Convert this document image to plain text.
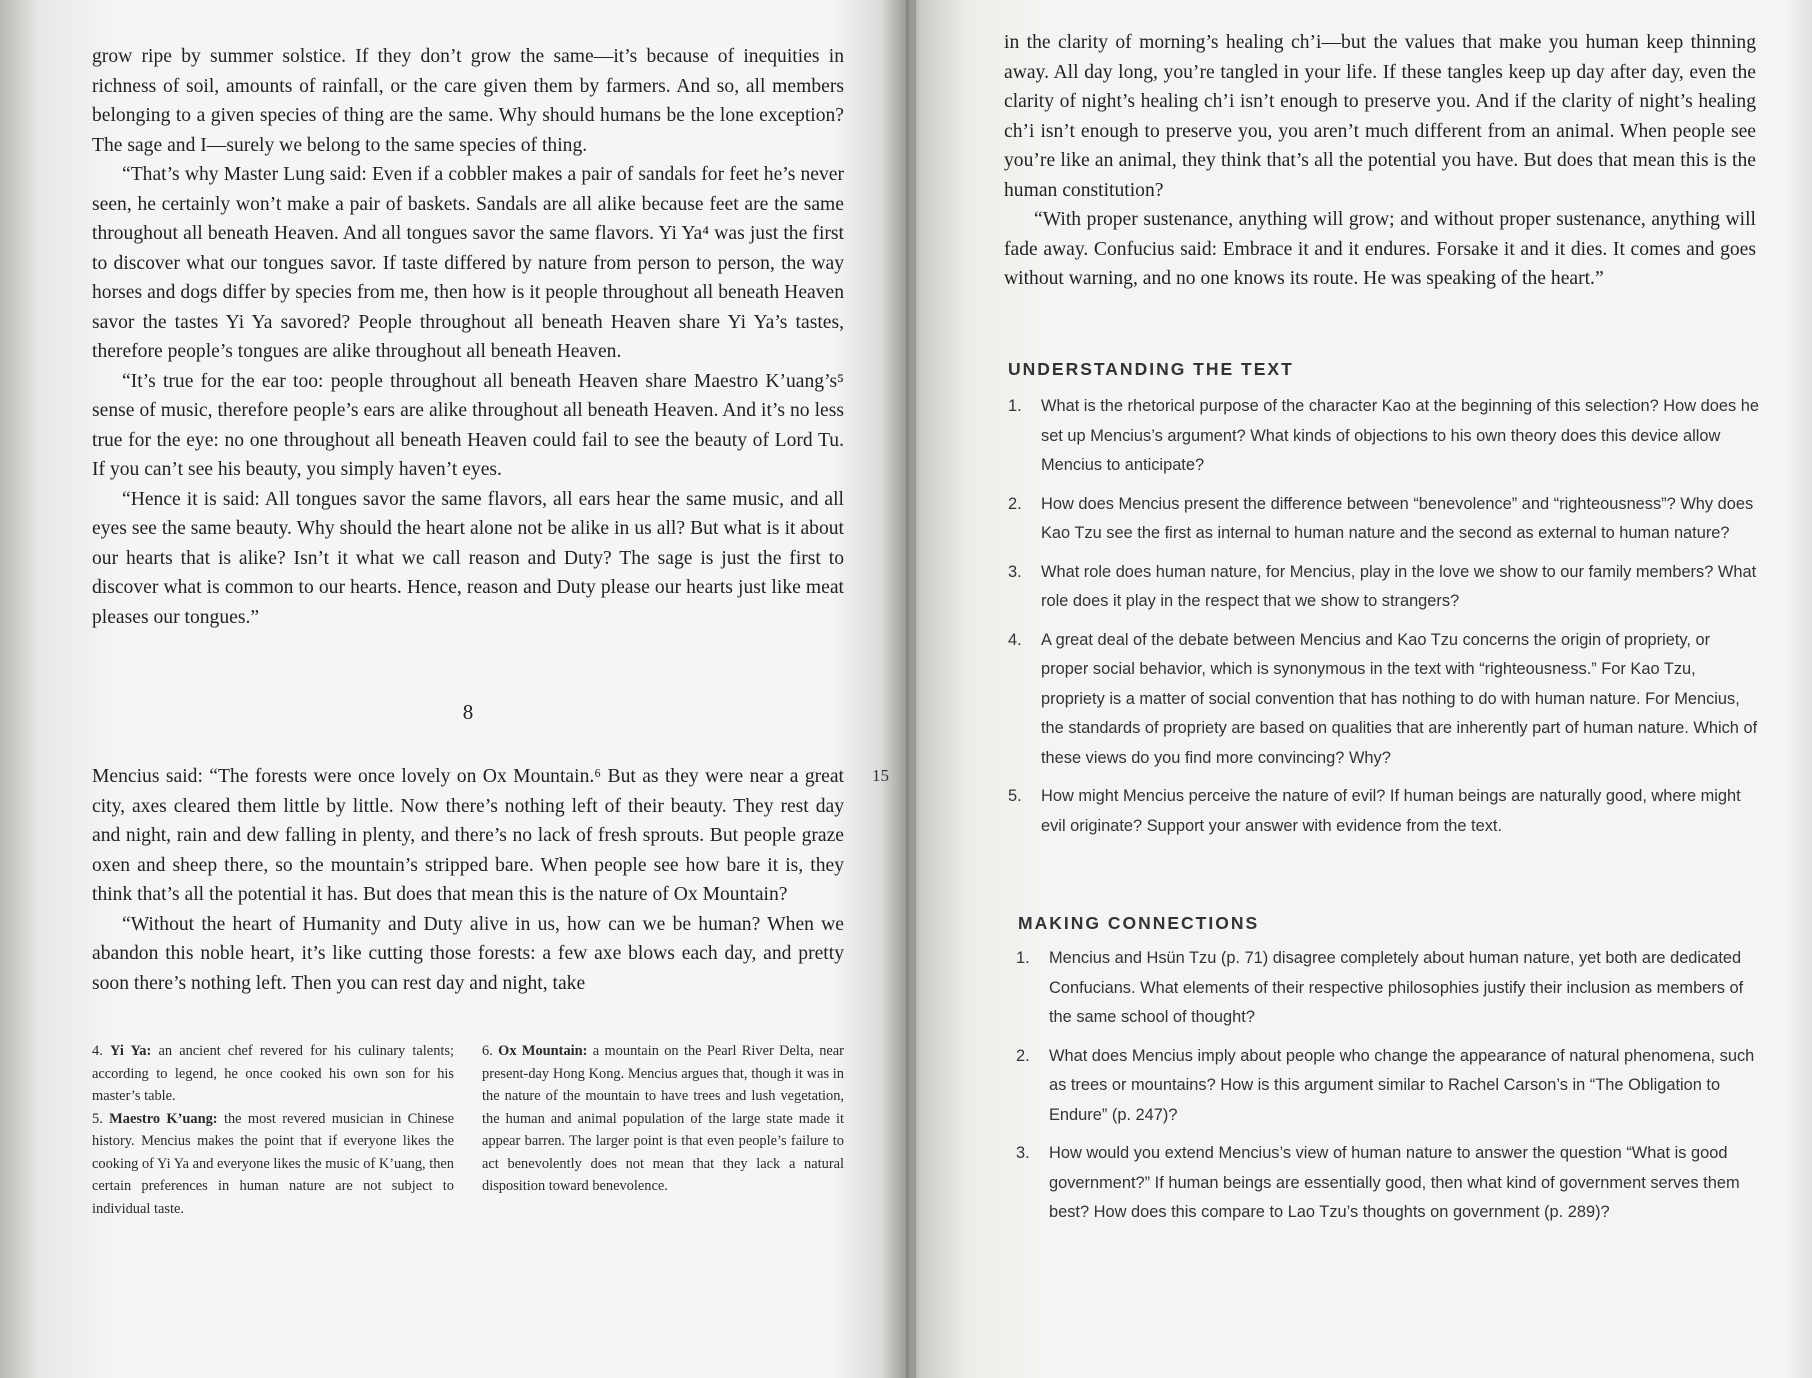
grow ripe by summer solstice. If they don’t grow the same—it’s because of inequities in richness of soil, amounts of rainfall, or the care given them by farmers. And so, all members belonging to a given species of thing are the same. Why should humans be the lone exception? The sage and I—surely we belong to the same species of thing.

“That’s why Master Lung said: Even if a cobbler makes a pair of sandals for feet he’s never seen, he certainly won’t make a pair of baskets. Sandals are all alike because feet are the same throughout all beneath Heaven. And all tongues savor the same flavors. Yi Ya⁴ was just the first to discover what our tongues savor. If taste differed by nature from person to person, the way horses and dogs differ by species from me, then how is it people throughout all beneath Heaven savor the tastes Yi Ya savored? People throughout all beneath Heaven share Yi Ya’s tastes, therefore people’s tongues are alike throughout all beneath Heaven.

“It’s true for the ear too: people throughout all beneath Heaven share Maestro K’uang’s⁵ sense of music, therefore people’s ears are alike throughout all beneath Heaven. And it’s no less true for the eye: no one throughout all beneath Heaven could fail to see the beauty of Lord Tu. If you can’t see his beauty, you simply haven’t eyes.

“Hence it is said: All tongues savor the same flavors, all ears hear the same music, and all eyes see the same beauty. Why should the heart alone not be alike in us all? But what is it about our hearts that is alike? Isn’t it what we call reason and Duty? The sage is just the first to discover what is common to our hearts. Hence, reason and Duty please our hearts just like meat pleases our tongues.”

8

Mencius said: “The forests were once lovely on Ox Mountain.⁶ But as they were near a great city, axes cleared them little by little. Now there’s nothing left of their beauty. They rest day and night, rain and dew falling in plenty, and there’s no lack of fresh sprouts. But people graze oxen and sheep there, so the mountain’s stripped bare. When people see how bare it is, they think that’s all the potential it has. But does that mean this is the nature of Ox Mountain?

“Without the heart of Humanity and Duty alive in us, how can we be human? When we abandon this noble heart, it’s like cutting those forests: a few axe blows each day, and pretty soon there’s nothing left. Then you can rest day and night, take

15

4. Yi Ya: an ancient chef revered for his culinary talents; according to legend, he once cooked his own son for his master’s table.

5. Maestro K’uang: the most revered musician in Chinese history. Mencius makes the point that if everyone likes the cooking of Yi Ya and everyone likes the music of K’uang, then certain preferences in human nature are not subject to individual taste.

6. Ox Mountain: a mountain on the Pearl River Delta, near present-day Hong Kong. Mencius argues that, though it was in the nature of the mountain to have trees and lush vegetation, the human and animal population of the large state made it appear barren. The larger point is that even people’s failure to act benevolently does not mean that they lack a natural disposition toward benevolence.

in the clarity of morning’s healing ch’i—but the values that make you human keep thinning away. All day long, you’re tangled in your life. If these tangles keep up day after day, even the clarity of night’s healing ch’i isn’t enough to preserve you. And if the clarity of night’s healing ch’i isn’t enough to preserve you, you aren’t much different from an animal. When people see you’re like an animal, they think that’s all the potential you have. But does that mean this is the human constitution?

“With proper sustenance, anything will grow; and without proper sustenance, anything will fade away. Confucius said: Embrace it and it endures. Forsake it and it dies. It comes and goes without warning, and no one knows its route. He was speaking of the heart.”

UNDERSTANDING THE TEXT
1. What is the rhetorical purpose of the character Kao at the beginning of this selection? How does he set up Mencius’s argument? What kinds of objections to his own theory does this device allow Mencius to anticipate?
2. How does Mencius present the difference between “benevolence” and “righteousness”? Why does Kao Tzu see the first as internal to human nature and the second as external to human nature?
3. What role does human nature, for Mencius, play in the love we show to our family members? What role does it play in the respect that we show to strangers?
4. A great deal of the debate between Mencius and Kao Tzu concerns the origin of propriety, or proper social behavior, which is synonymous in the text with “righteousness.” For Kao Tzu, propriety is a matter of social convention that has nothing to do with human nature. For Mencius, the standards of propriety are based on qualities that are inherently part of human nature. Which of these views do you find more convincing? Why?
5. How might Mencius perceive the nature of evil? If human beings are naturally good, where might evil originate? Support your answer with evidence from the text.
MAKING CONNECTIONS
1. Mencius and Hsün Tzu (p. 71) disagree completely about human nature, yet both are dedicated Confucians. What elements of their respective philosophies justify their inclusion as members of the same school of thought?
2. What does Mencius imply about people who change the appearance of natural phenomena, such as trees or mountains? How is this argument similar to Rachel Carson’s in “The Obligation to Endure” (p. 247)?
3. How would you extend Mencius’s view of human nature to answer the question “What is good government?” If human beings are essentially good, then what kind of government serves them best? How does this compare to Lao Tzu’s thoughts on government (p. 289)?
